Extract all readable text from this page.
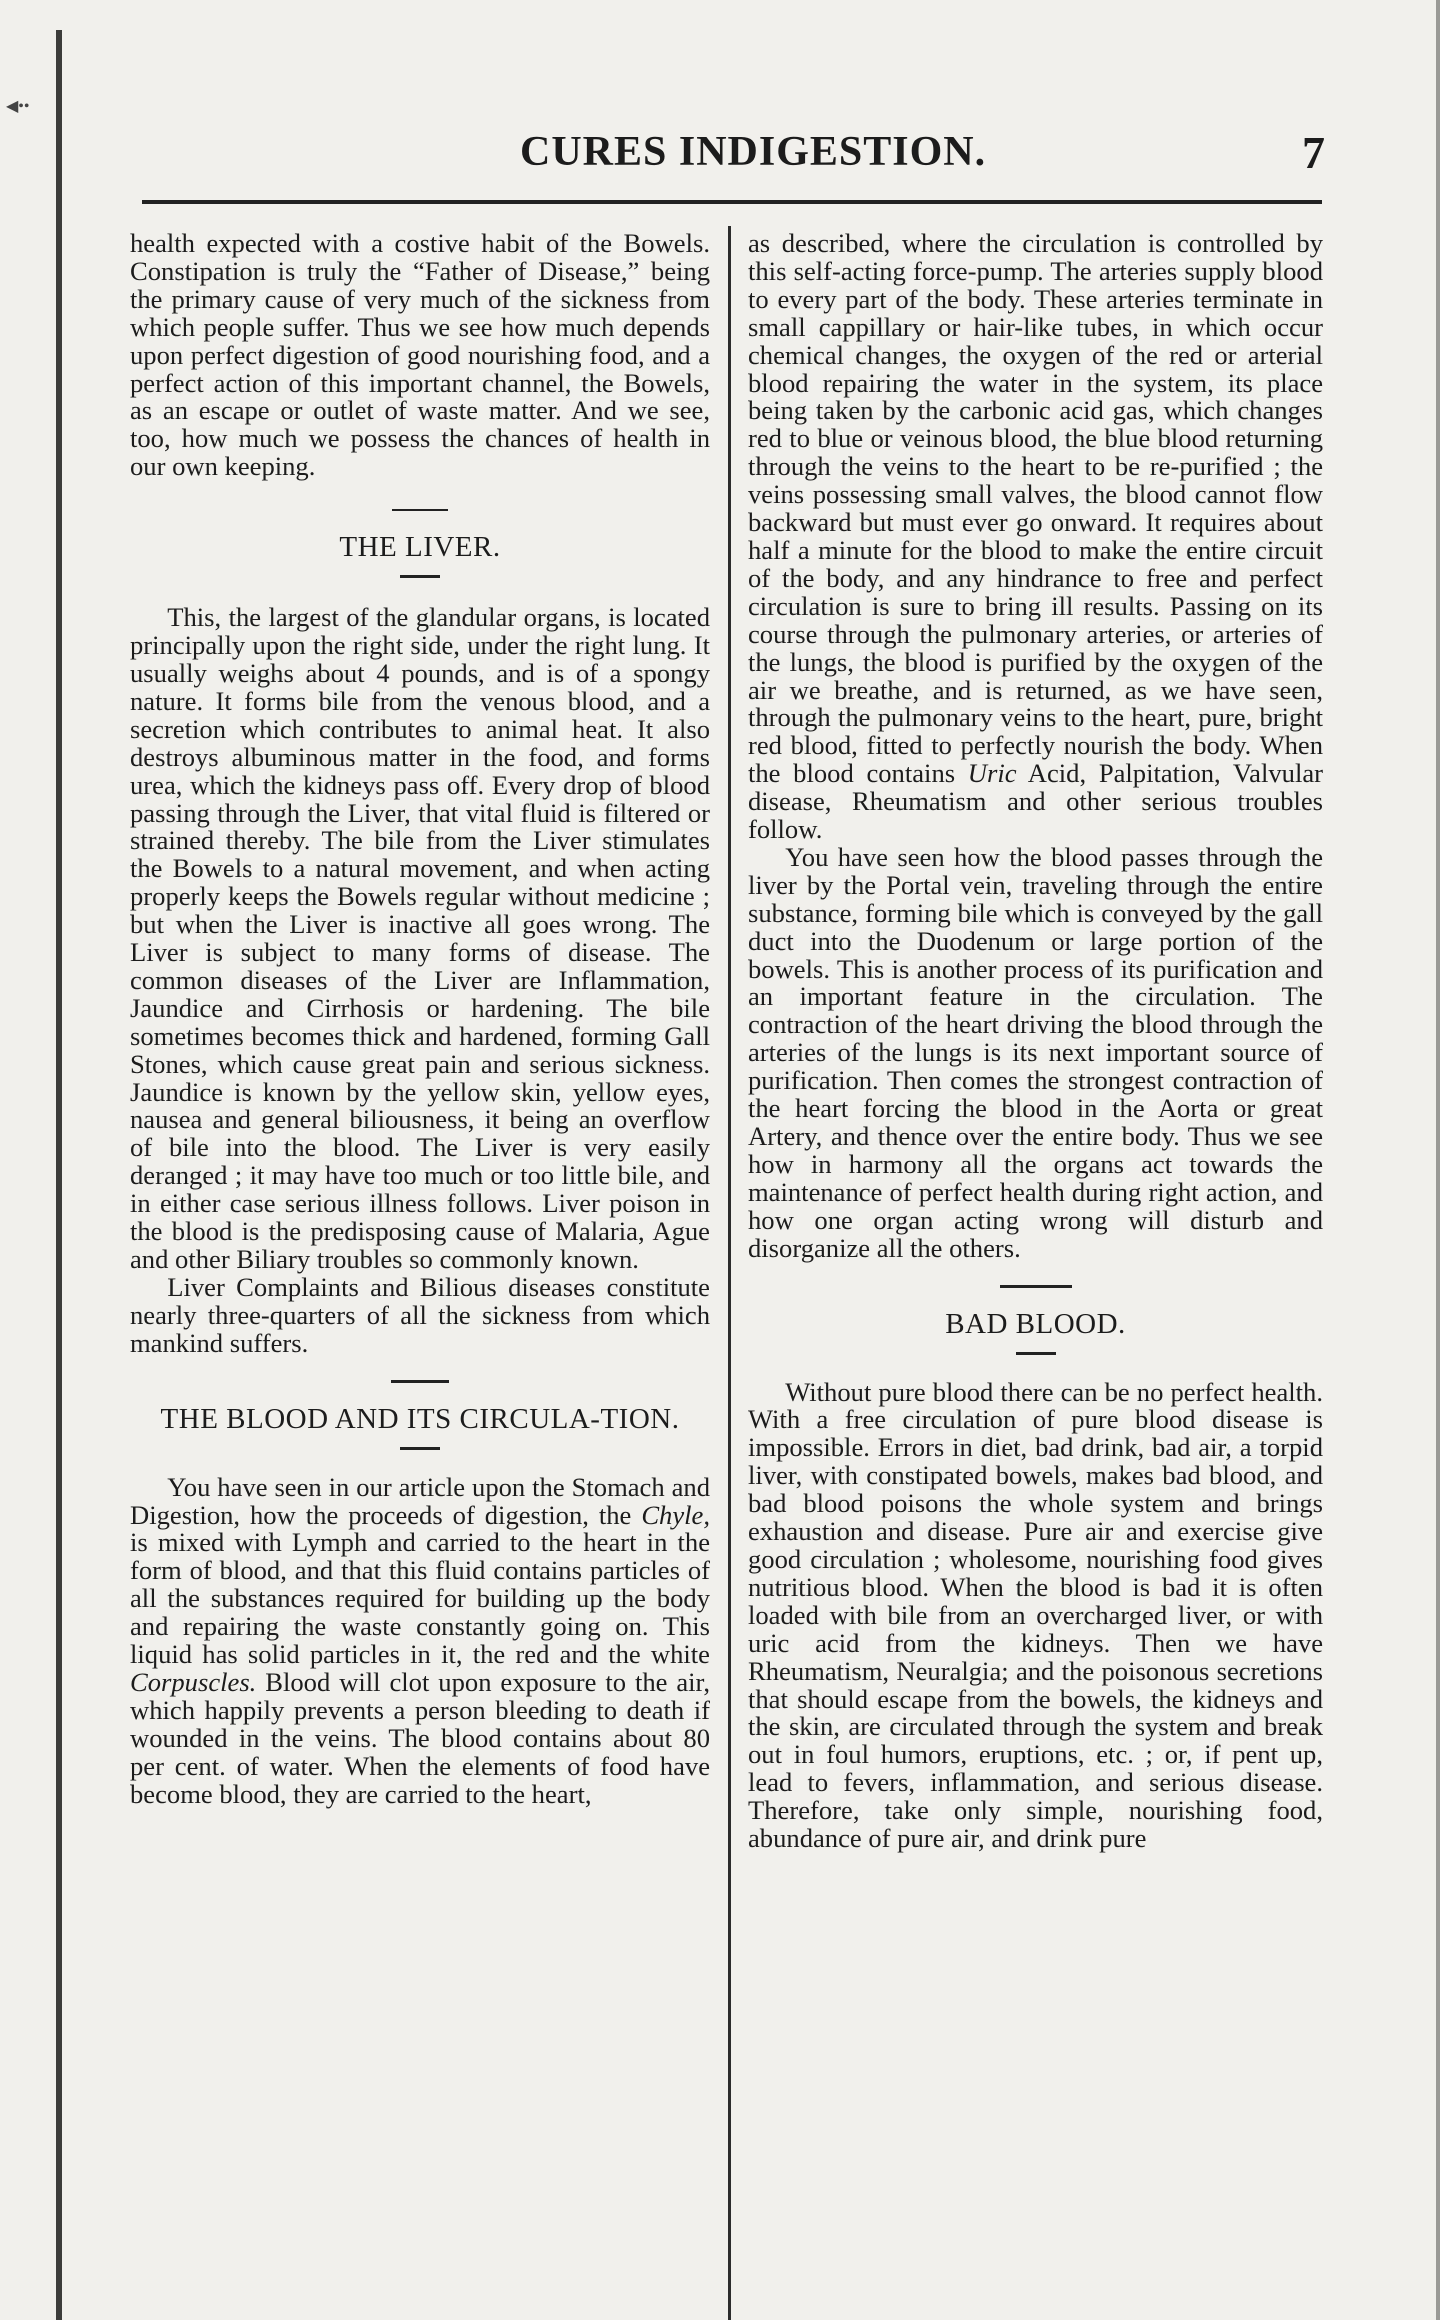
◀••
CURES INDIGESTION.	7

health expected with a costive habit of the Bowels. Constipation is truly the “Father of Disease,” being the primary cause of very much of the sickness from which people suffer. Thus we see how much depends upon perfect digestion of good nourishing food, and a perfect action of this important channel, the Bowels, as an escape or outlet of waste matter. And we see, too, how much we possess the chances of health in our own keeping.

THE LIVER.

This, the largest of the glandular organs, is located principally upon the right side, under the right lung. It usually weighs about 4 pounds, and is of a spongy nature. It forms bile from the venous blood, and a secretion which contributes to animal heat. It also destroys albuminous matter in the food, and forms urea, which the kidneys pass off. Every drop of blood passing through the Liver, that vital fluid is filtered or strained thereby. The bile from the Liver stimulates the Bowels to a natural movement, and when acting properly keeps the Bowels regular without medicine ; but when the Liver is inactive all goes wrong. The Liver is subject to many forms of disease. The common diseases of the Liver are Inflammation, Jaundice and Cirrhosis or hardening. The bile sometimes becomes thick and hardened, forming Gall Stones, which cause great pain and serious sickness. Jaundice is known by the yellow skin, yellow eyes, nausea and general biliousness, it being an overflow of bile into the blood. The Liver is very easily deranged ; it may have too much or too little bile, and in either case serious illness follows. Liver poison in the blood is the predisposing cause of Malaria, Ague and other Biliary troubles so commonly known.

Liver Complaints and Bilious diseases constitute nearly three-quarters of all the sickness from which mankind suffers.

THE BLOOD AND ITS CIRCULA-TION.

You have seen in our article upon the Stomach and Digestion, how the proceeds of digestion, the Chyle, is mixed with Lymph and carried to the heart in the form of blood, and that this fluid contains particles of all the substances required for building up the body and repairing the waste constantly going on. This liquid has solid particles in it, the red and the white Corpuscles. Blood will clot upon exposure to the air, which happily prevents a person bleeding to death if wounded in the veins. The blood contains about 80 per cent. of water. When the elements of food have become blood, they are carried to the heart,

as described, where the circulation is controlled by this self-acting force-pump. The arteries supply blood to every part of the body. These arteries terminate in small cappillary or hair-like tubes, in which occur chemical changes, the oxygen of the red or arterial blood repairing the water in the system, its place being taken by the carbonic acid gas, which changes red to blue or veinous blood, the blue blood returning through the veins to the heart to be re-purified ; the veins possessing small valves, the blood cannot flow backward but must ever go onward. It requires about half a minute for the blood to make the entire circuit of the body, and any hindrance to free and perfect circulation is sure to bring ill results. Passing on its course through the pulmonary arteries, or arteries of the lungs, the blood is purified by the oxygen of the air we breathe, and is returned, as we have seen, through the pulmonary veins to the heart, pure, bright red blood, fitted to perfectly nourish the body. When the blood contains Uric Acid, Palpitation, Valvular disease, Rheumatism and other serious troubles follow.

You have seen how the blood passes through the liver by the Portal vein, traveling through the entire substance, forming bile which is conveyed by the gall duct into the Duodenum or large portion of the bowels. This is another process of its purification and an important feature in the circulation. The contraction of the heart driving the blood through the arteries of the lungs is its next important source of purification. Then comes the strongest contraction of the heart forcing the blood in the Aorta or great Artery, and thence over the entire body. Thus we see how in harmony all the organs act towards the maintenance of perfect health during right action, and how one organ acting wrong will disturb and disorganize all the others.

BAD BLOOD.

Without pure blood there can be no perfect health. With a free circulation of pure blood disease is impossible. Errors in diet, bad drink, bad air, a torpid liver, with constipated bowels, makes bad blood, and bad blood poisons the whole system and brings exhaustion and disease. Pure air and exercise give good circulation ; wholesome, nourishing food gives nutritious blood. When the blood is bad it is often loaded with bile from an overcharged liver, or with uric acid from the kidneys. Then we have Rheumatism, Neuralgia; and the poisonous secretions that should escape from the bowels, the kidneys and the skin, are circulated through the system and break out in foul humors, eruptions, etc. ; or, if pent up, lead to fevers, inflammation, and serious disease. Therefore, take only simple, nourishing food, abundance of pure air, and drink pure
